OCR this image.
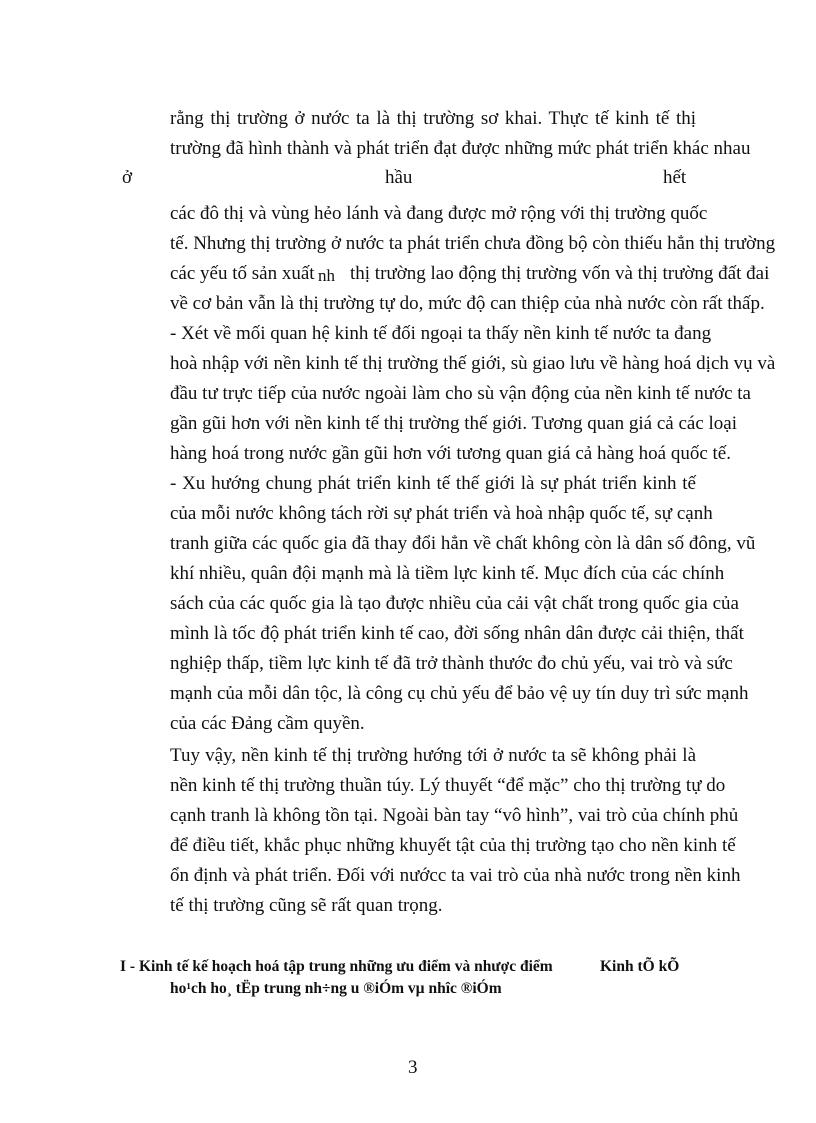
rằng thị trường ở nước ta là thị trường sơ khai. Thực tế kinh tế thị
trường đã hình thành và phát triển đạt được những mức phát triển khác nhau
ở	hầu	hết
các đô thị và vùng hẻo lánh và đang được mở rộng với thị trường quốc
tế. Nhưng thị trường ở nước ta phát triển chưa đồng bộ còn thiếu hẳn thị trường
các yếu tố sản xuất nh thị trường lao động thị trường vốn và thị trường đất đai
về cơ bản vẫn là thị trường tự do, mức độ can thiệp của nhà nước còn rất thấp.
- Xét về mối quan hệ kinh tế đối ngoại ta thấy nền kinh tế nước ta đang
hoà nhập với nền kinh tế thị trường thế giới, sù giao lưu về hàng hoá dịch vụ và
đầu tư trực tiếp của nước ngoài làm cho sù vận động của nền kinh tế nước ta
gần gũi hơn với nền kinh tế thị trường thế giới. Tương quan giá cả các loại
hàng hoá trong nước gần gũi hơn với tương quan giá cả hàng hoá quốc tế.
- Xu hướng chung phát triển kinh tế thế giới là sự phát triển kinh tế
của mỗi nước không tách rời sự phát triển và hoà nhập quốc tế, sự cạnh
tranh giữa các quốc gia đã thay đổi hẳn về chất không còn là dân số đông, vũ
khí nhiều, quân đội mạnh mà là tiềm lực kinh tế. Mục đích của các chính
sách của các quốc gia là tạo được nhiều của cải vật chất trong quốc gia của
mình là tốc độ phát triển kinh tế cao, đời sống nhân dân được cải thiện, thất
nghiệp thấp, tiềm lực kinh tế đã trở thành thước đo chủ yếu, vai trò và sức
mạnh của mỗi dân tộc, là công cụ chủ yếu để bảo vệ uy tín duy trì sức mạnh
của các Đảng cầm quyền.
Tuy vậy, nền kinh tế thị trường hướng tới ở nước ta sẽ không phải là
nền kinh tế thị trường thuần túy. Lý thuyết “để mặc” cho thị trường tự do
cạnh tranh là không tồn tại. Ngoài bàn tay “vô hình”, vai trò của chính phủ
để điều tiết, khắc phục những khuyết tật của thị trường tạo cho nền kinh tế
ổn định và phát triển. Đối với nướcc ta vai trò của nhà nước trong nền kinh
tế thị trường cũng sẽ rất quan trọng.
I - Kinh tế kế hoạch hoá tập trung những ưu điểm và nhược điểm	Kinh tÕ kÕ
ho¹ch ho¸ tËp trung nh÷ng u ®iÓm vµ nhîc ®iÓm
3
